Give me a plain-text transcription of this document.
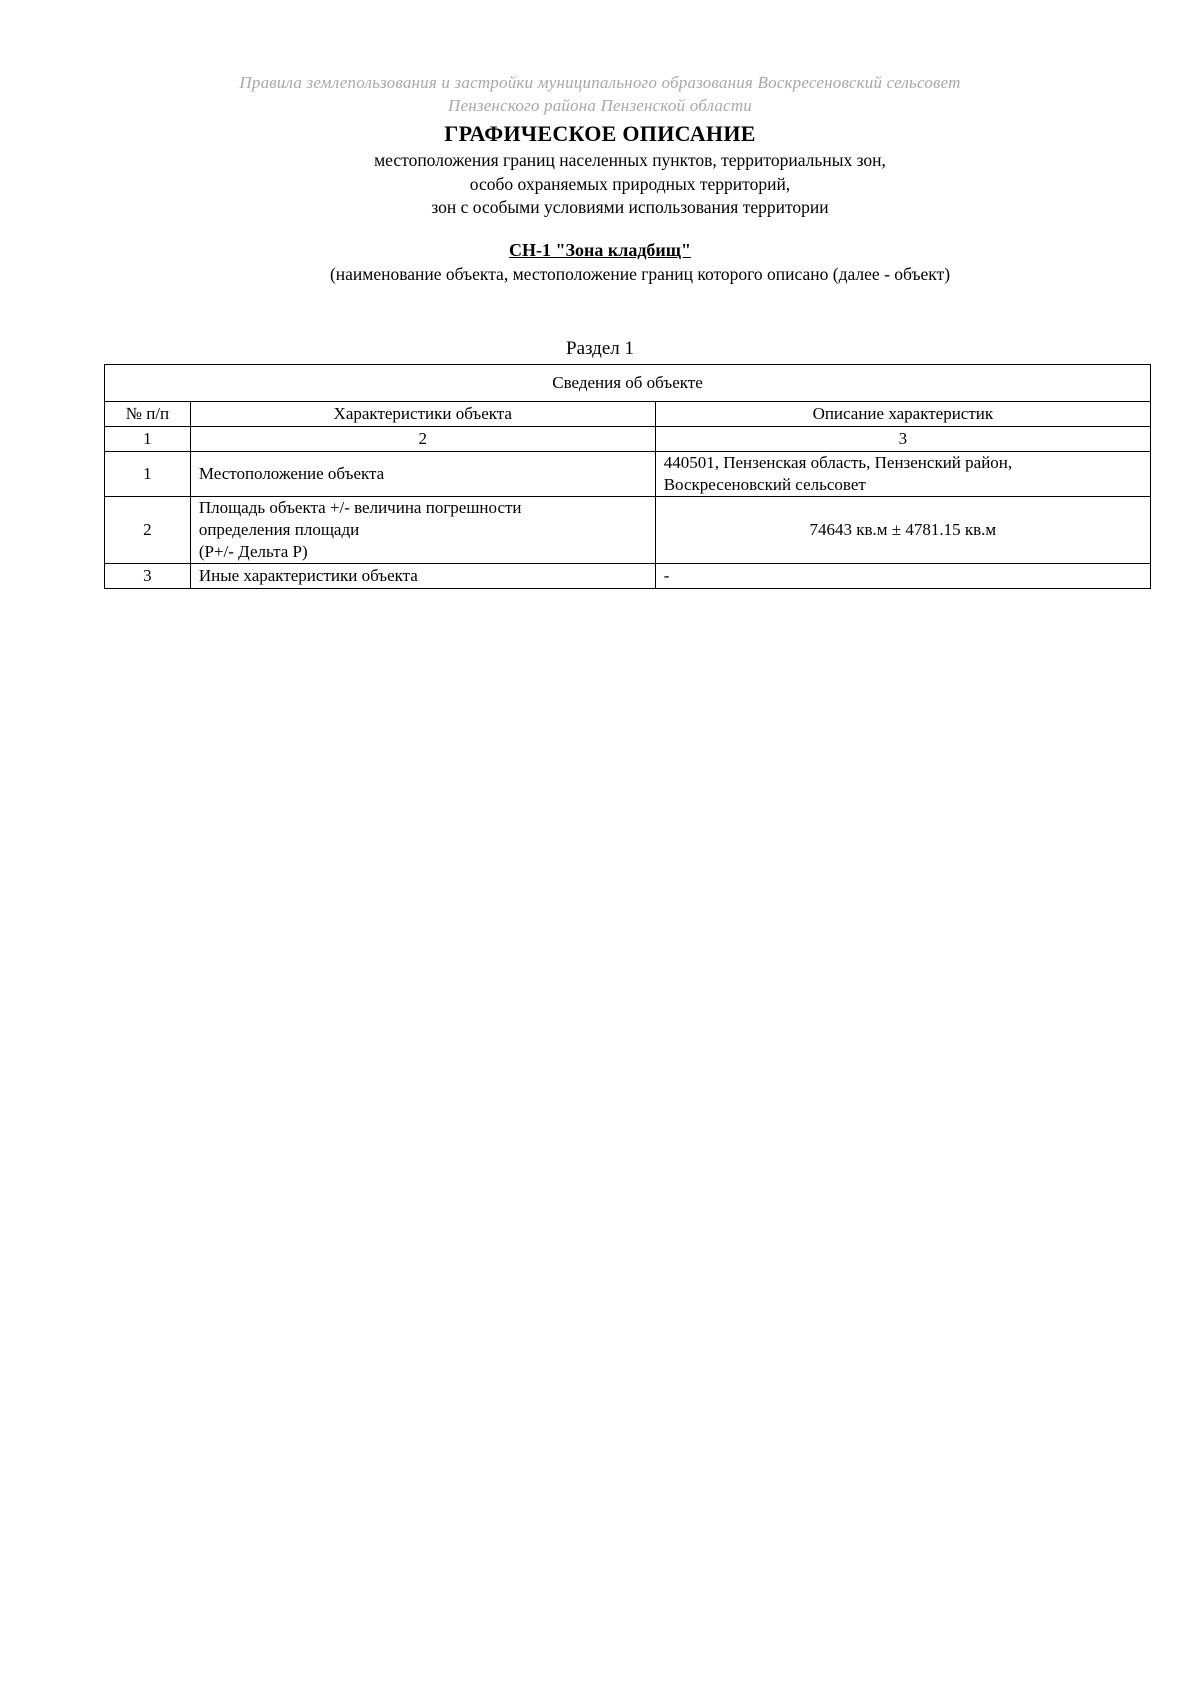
Правила землепользования и застройки муниципального образования Воскресеновский сельсовет
Пензенского района Пензенской области
ГРАФИЧЕСКОЕ ОПИСАНИЕ
местоположения границ населенных пунктов, территориальных зон,
особо охраняемых природных территорий,
зон с особыми условиями использования территории
СН-1 "Зона кладбищ"
(наименование объекта, местоположение границ которого описано (далее - объект)
Раздел 1
Сведения об объекте		
№ п/п	Характеристики объекта	Описание характеристик
1	2	3
1	Местоположение объекта	440501, Пензенская область, Пензенский район,
Воскресеновский сельсовет

2	Площадь объекта +/- величина погрешности
определения площади
(P+/- Дельта P)	74643 кв.м ± 4781.15 кв.м
3	Иные характеристики объекта	-
